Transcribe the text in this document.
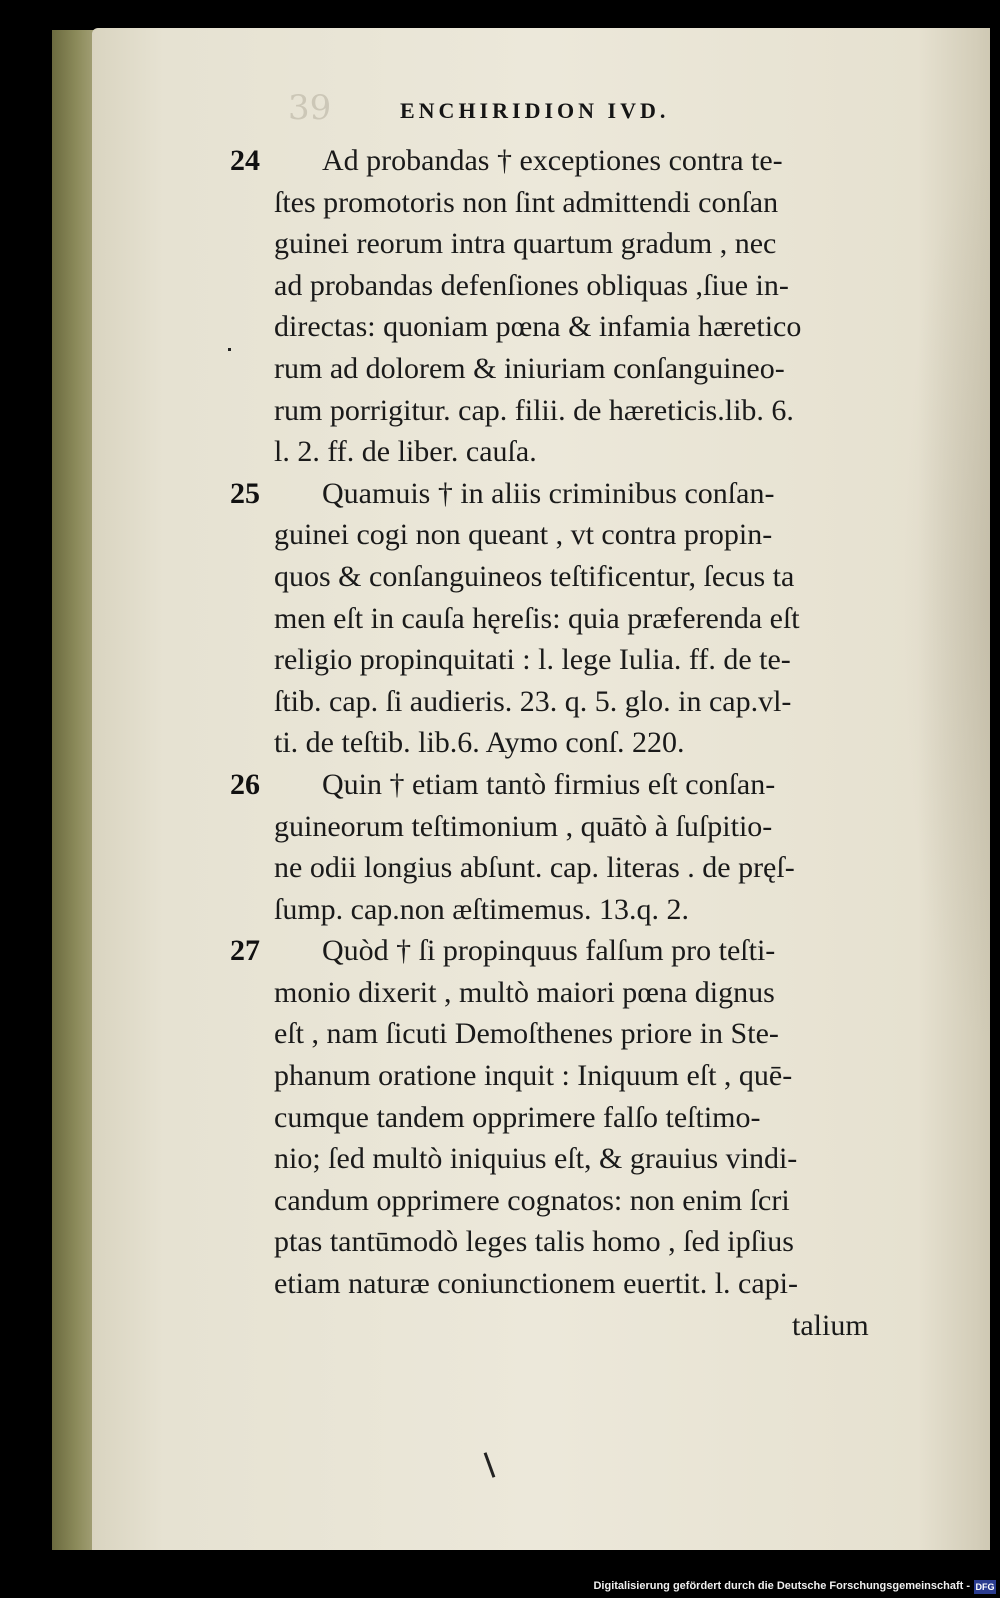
39	ENCHIRIDION IVD.
24	Ad probandas † exceptiones contra te-
ſtes promotoris non ſint admittendi conſan
guinei reorum intra quartum gradum , nec
ad probandas defenſiones obliquas ,ſiue in-
directas: quoniam pœna & infamia hæretico
rum ad dolorem & iniuriam conſanguineo-
rum porrigitur. cap. filii. de hæreticis.lib. 6.
l. 2. ff. de liber. cauſa.
25	Quamuis † in aliis criminibus conſan-
guinei cogi non queant , vt contra propin-
quos & conſanguineos teſtificentur, ſecus ta
men eſt in cauſa hęreſis: quia præferenda eſt
religio propinquitati : l. lege Iulia. ff. de te-
ſtib. cap. ſi audieris. 23. q. 5. glo. in cap.vl-
ti. de teſtib. lib.6. Aymo conſ. 220.
26	Quin † etiam tantò firmius eſt conſan-
guineorum teſtimonium , quātò à ſuſpitio-
ne odii longius abſunt. cap. literas . de pręſ-
ſump. cap.non æſtimemus. 13.q. 2.
27	Quòd † ſi propinquus falſum pro teſti-
monio dixerit , multò maiori pœna dignus
eſt , nam ſicuti Demoſthenes priore in Ste-
phanum oratione inquit : Iniquum eſt , quē-
cumque tandem opprimere falſo teſtimo-
nio; ſed multò iniquius eſt, & grauius vindi-
candum opprimere cognatos: non enim ſcri
ptas tantūmodò leges talis homo , ſed ipſius
etiam naturæ coniunctionem euertit. l. capi-
talium
Digitalisierung gefördert durch die Deutsche Forschungsgemeinschaft - DFG
